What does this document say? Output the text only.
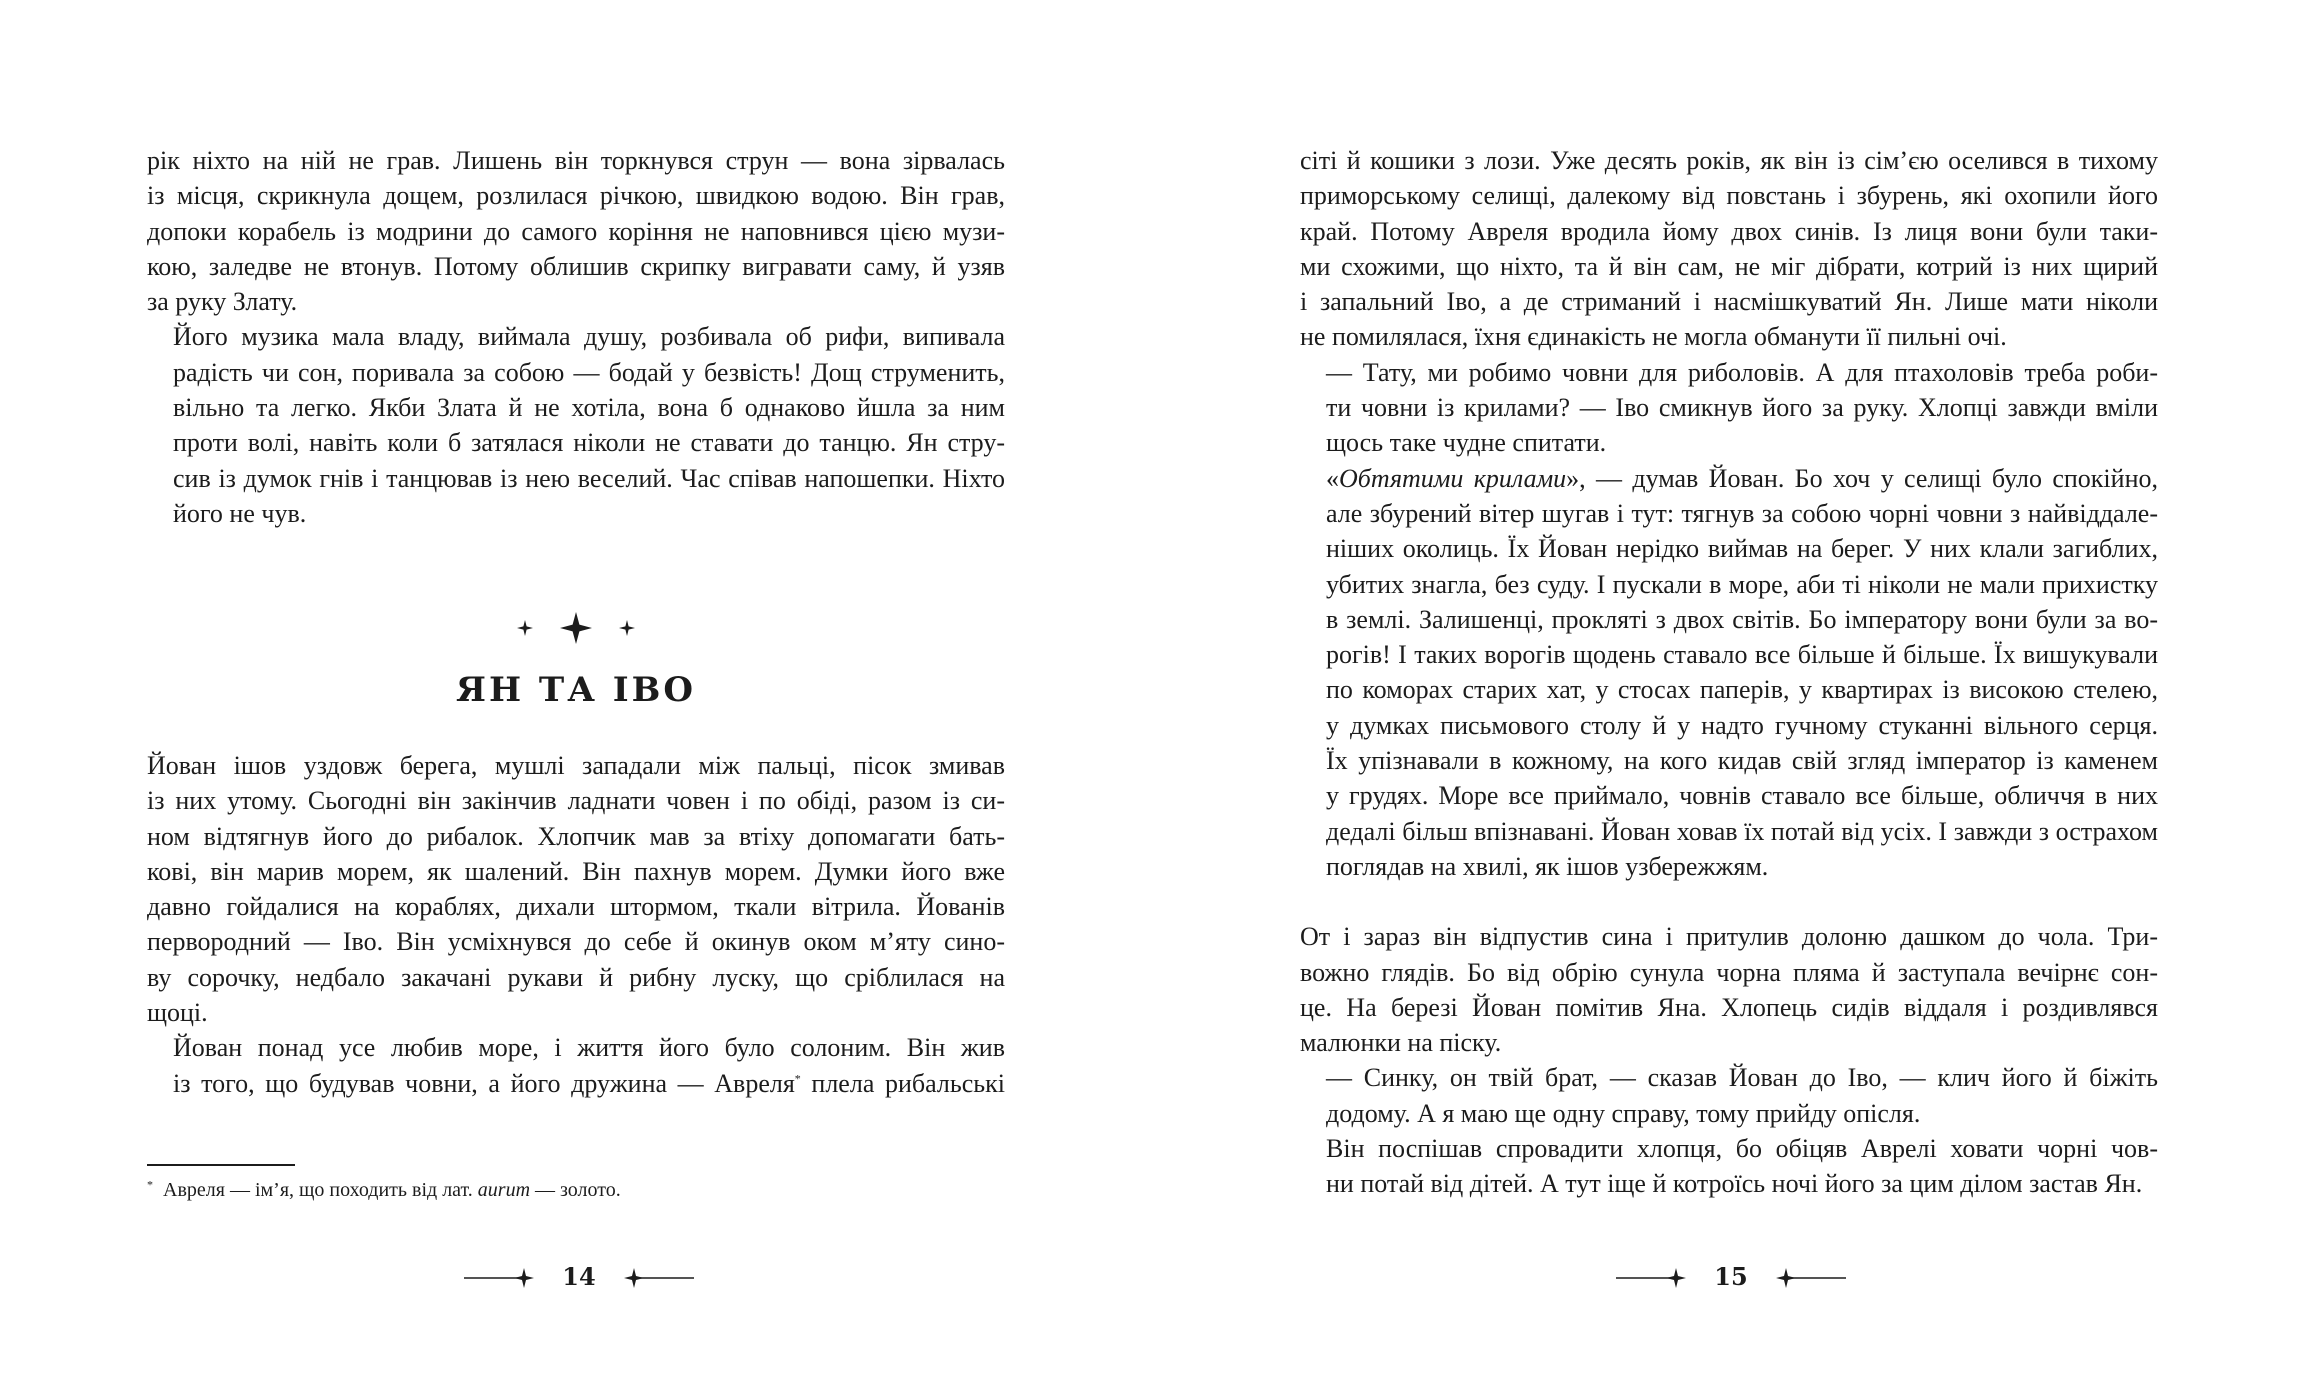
рік ніхто на ній не грав. Лишень він торкнувся струн — вона зірвалась
із місця, скрикнула дощем, розлилася річкою, швидкою водою. Він грав,
допоки корабель із модрини до самого коріння не наповнився цією музи-
кою, заледве не втонув. Потому облишив скрипку вигравати саму, й узяв
за руку Злату.
Його музика мала владу, виймала душу, розбивала об рифи, випивала
радість чи сон, поривала за собою — бодай у безвість! Дощ струменить,
вільно та легко. Якби Злата й не хотіла, вона б однаково йшла за ним
проти волі, навіть коли б затялася ніколи не ставати до танцю. Ян стру-
сив із думок гнів і танцював із нею веселий. Час співав напошепки. Ніхто
його не чув.
ЯН ТА ІВО
Йован ішов уздовж берега, мушлі западали між пальці, пісок змивав
із них утому. Сьогодні він закінчив ладнати човен і по обіді, разом із си-
ном відтягнув його до рибалок. Хлопчик мав за втіху допомагати бать-
кові, він марив морем, як шалений. Він пахнув морем. Думки його вже
давно гойдалися на кораблях, дихали штормом, ткали вітрила. Йованів
первородний — Іво. Він усміхнувся до себе й окинув оком м’яту сино-
ву сорочку, недбало закачані рукави й рибну луску, що сріблилася на
щоці.
Йован понад усе любив море, і життя його було солоним. Він жив
із того, що будував човни, а його дружина — Авреля* плела рибальські
* Авреля — ім’я, що походить від лат. aurum — золото.
14
сіті й кошики з лози. Уже десять років, як він із сім’єю оселився в тихому
приморському селищі, далекому від повстань і збурень, які охопили його
край. Потому Авреля вродила йому двох синів. Із лиця вони були таки-
ми схожими, що ніхто, та й він сам, не міг дібрати, котрий із них щирий
і запальний Іво, а де стриманий і насмішкуватий Ян. Лише мати ніколи
не помилялася, їхня єдинакість не могла обманути її пильні очі.
— Тату, ми робимо човни для риболовів. А для птахоловів треба роби-
ти човни із крилами? — Іво смикнув його за руку. Хлопці завжди вміли
щось таке чудне спитати.
«Обтятими крилами», — думав Йован. Бо хоч у селищі було спокійно,
але збурений вітер шугав і тут: тягнув за собою чорні човни з найвіддале-
ніших околиць. Їх Йован нерідко виймав на берег. У них клали загиблих,
убитих знагла, без суду. І пускали в море, аби ті ніколи не мали прихистку
в землі. Залишенці, прокляті з двох світів. Бо імператору вони були за во-
рогів! І таких ворогів щодень ставало все більше й більше. Їх вишукували
по коморах старих хат, у стосах паперів, у квартирах із високою стелею,
у думках письмового столу й у надто гучному стуканні вільного серця.
Їх упізнавали в кожному, на кого кидав свій згляд імператор із каменем
у грудях. Море все приймало, човнів ставало все більше, обличчя в них
дедалі більш впізнавані. Йован ховав їх потай від усіх. І завжди з острахом
поглядав на хвилі, як ішов узбережжям.
От і зараз він відпустив сина і притулив долоню дашком до чола. Три-
вожно глядів. Бо від обрію сунула чорна пляма й заступала вечірнє сон-
це. На березі Йован помітив Яна. Хлопець сидів віддаля і роздивлявся
малюнки на піску.
— Синку, он твій брат, — сказав Йован до Іво, — клич його й біжіть
додому. А я маю ще одну справу, тому прийду опісля.
Він поспішав спровадити хлопця, бо обіцяв Аврелі ховати чорні чов-
ни потай від дітей. А тут іще й котроїсь ночі його за цим ділом застав Ян.
15
